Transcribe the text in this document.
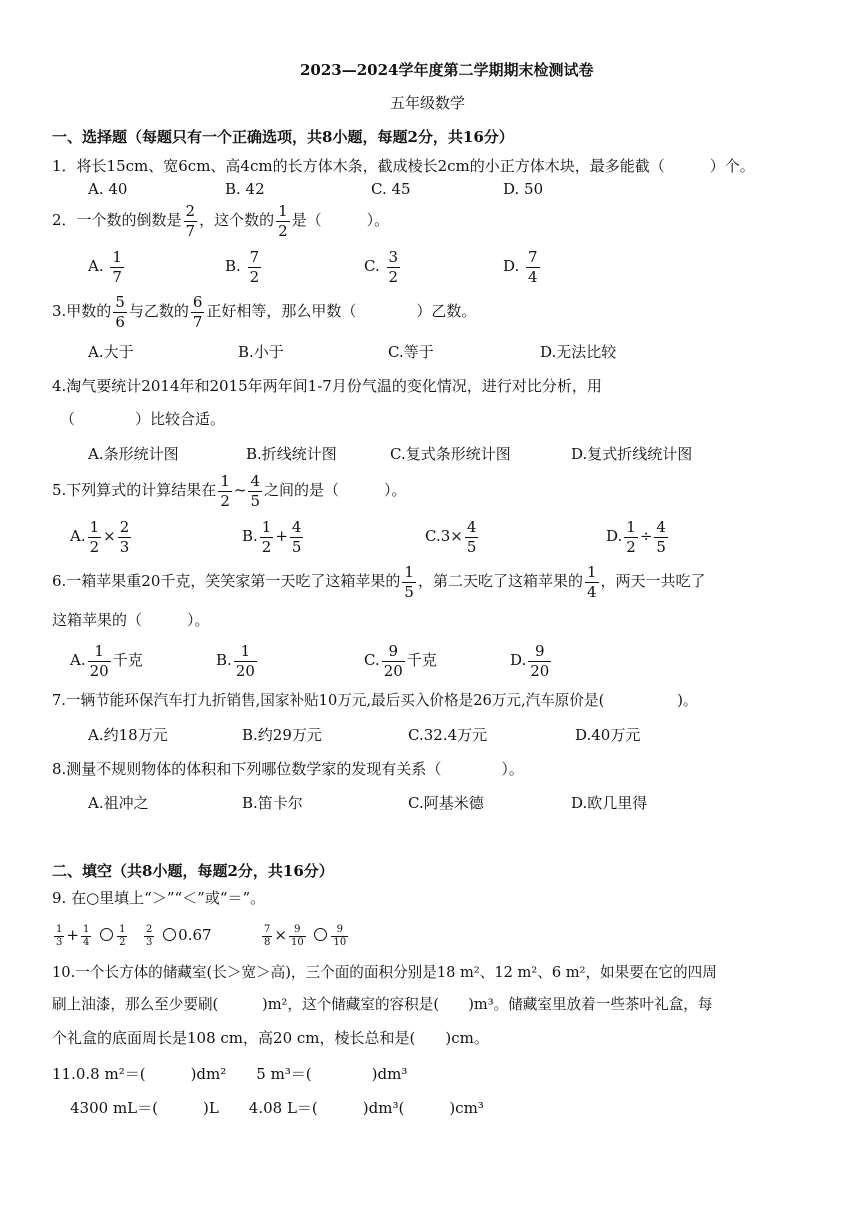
2023—2024学年度第二学期期末检测试卷
五年级数学
一、选择题（每题只有一个正确选项，共8小题，每题2分，共16分）
1．将长15cm、宽6cm、高4cm的长方体木条，截成棱长2cm的小正方体木块，最多能截（　　　）个。
A. 40	B. 42	C. 45	D. 50
2．一个数的倒数是 $\frac{2}{7}$ ，这个数的 $\frac{1}{2}$ 是（　　　）。
A. $\frac{1}{7}$	B. $\frac{7}{2}$	C. $\frac{3}{2}$	D. $\frac{7}{4}$
3.甲数的 $\frac{5}{6}$ 与乙数的 $\frac{6}{7}$ 正好相等，那么甲数（　　　　）乙数。
A.大于	B.小于	C.等于	D.无法比较
4.淘气要统计2014年和2015年两年间1-7月份气温的变化情况，进行对比分析，用
（　　　　）比较合适。
A.条形统计图	B.折线统计图	C.复式条形统计图	D.复式折线统计图
5.下列算式的计算结果在 $\frac{1}{2}$ ~ $\frac{4}{5}$ 之间的是（　　　）。
A. $\frac{1}{2} \times \frac{2}{3}$	B. $\frac{1}{2} + \frac{4}{5}$	$C.3\times \frac{4}{5}$	D. $\frac{1}{2} \div \frac{4}{5}$
6.一箱苹果重20千克，笑笑家第一天吃了这箱苹果的 $\frac{1}{5}$ ，第二天吃了这箱苹果的 $\frac{1}{4}$ ，两天一共吃了
这箱苹果的（　　　）。
A. $\frac{1}{20}$ 千克	B. $\frac{1}{20}$	C. $\frac{9}{20}$ 千克	D. $\frac{9}{20}$
7.一辆节能环保汽车打九折销售,国家补贴10万元,最后买入价格是26万元,汽车原价是(　　　　　)。
A.约18万元	B.约29万元	C.32.4万元	D.40万元
8.测量不规则物体的体积和下列哪位数学家的发现有关系（　　　　）。
A.祖冲之	B.笛卡尔	C.阿基米德	D.欧几里得
二、填空（共8小题，每题2分，共16分）
9. 在○里填上“＞”“＜”或“＝”。
$\frac{1}{3} + \frac{1}{4}$
	$\frac{1}{2} \frac{2}{3} 0.67$	$\frac{7}{8} \times \frac{9}{10}$
	$\frac{9}{10}$
10.一个长方体的储藏室(长＞宽＞高)，三个面的面积分别是18 m²、12 m²、6 m²，如果要在它的四周
刷上油漆，那么至少要刷(　　　)m²，这个储藏室的容积是(　　)m³。储藏室里放着一些茶叶礼盒，每
个礼盒的底面周长是108 cm，高20 cm，棱长总和是(　　)cm。
11.0.8 m²＝(　　　)dm²　　5 m³＝(　　　　)dm³
4300 mL＝(　　　)L　　4.08 L＝(　　　)dm³(　　　)cm³
